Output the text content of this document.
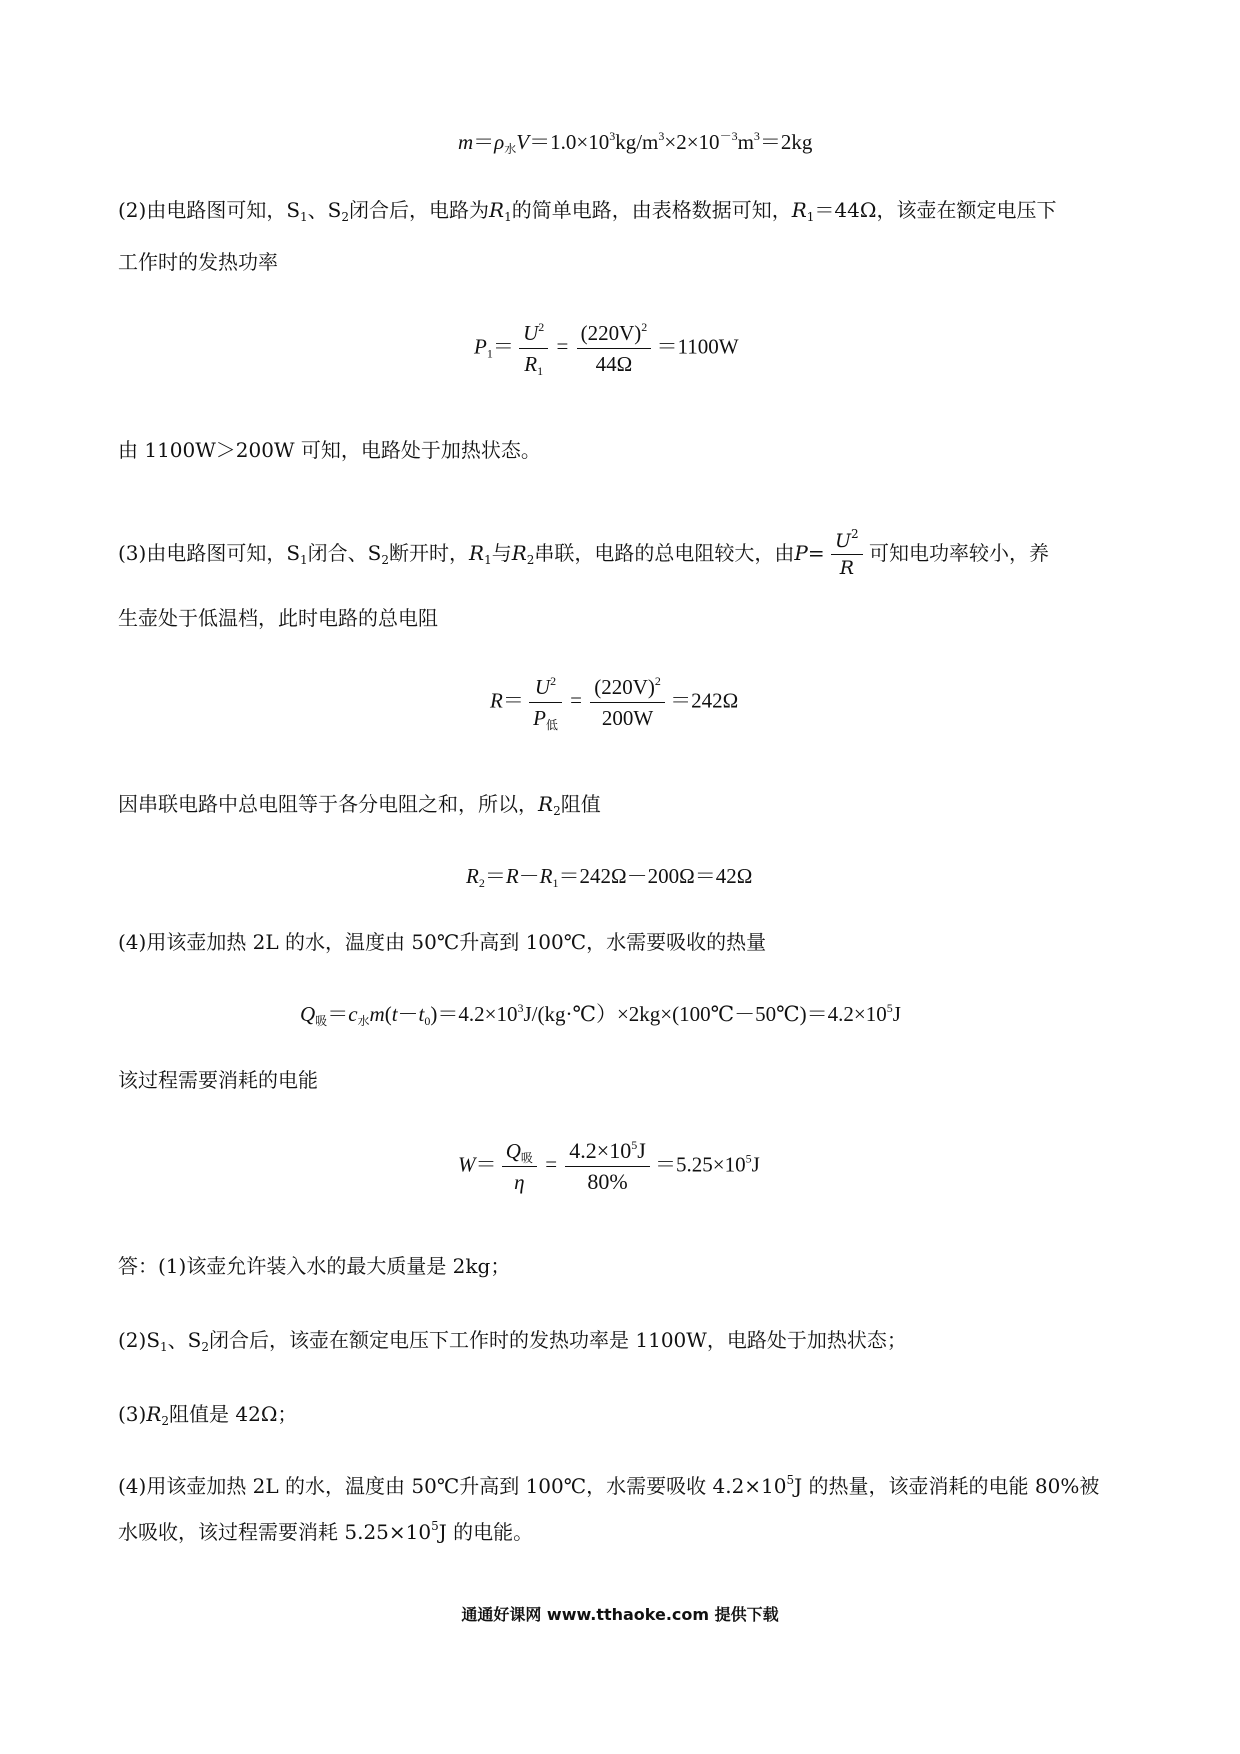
$m=\rho_水V=1.0\times 10^3kg/m^3\times 2\times 10^{-3}m^3=2kg$
(2)由电路图可知，$S_1$、$S_2$闭合后，电路为$R_1$的简单电路，由表格数据可知，$R_1=44\Omega$，该壶在额定电压下
工作时的发热功率
$P_1= \frac{U^2}{R_1} = \frac{(220V)^2}{44\Omega} =1100W$
由 1100W＞200W 可知，电路处于加热状态。
(3)由电路图可知，$S_1$闭合、$S_2$断开时，$R_1$与$R_2$串联，电路的总电阻较大，由$P= \frac{U^2}{R}$ 可知电功率较小，养
生壶处于低温档，此时电路的总电阻
$R= \frac{U^2}{P_低} = \frac{(220V)^2}{200W} =242\Omega$
因串联电路中总电阻等于各分电阻之和，所以，$R_2$阻值
$R_2=R-R_1=242\Omega-200\Omega=42\Omega$
(4)用该壶加热 2L 的水，温度由 50℃升高到 100℃，水需要吸收的热量
$Q_吸=c_水m(t-t_0)=4.2\times 10^3J/(kg\cdot℃)\times 2kg\times(100℃-50℃)=4.2\times 10^5J$
该过程需要消耗的电能
$W= \frac{Q_吸}{\eta} = \frac{4.2\times 10^5J}{80\%} =5.25\times 10^5J$
答：(1)该壶允许装入水的最大质量是 2kg；
$(2)S_1$、$S_2$闭合后，该壶在额定电压下工作时的发热功率是 1100W，电路处于加热状态；
$(3)R_2$阻值是 42Ω；
(4)用该壶加热 2L 的水，温度由 50℃升高到 100℃，水需要吸收 $4.2\times 10^5J$ 的热量，该壶消耗的电能 80%被
水吸收，该过程需要消耗 $5.25\times 10^5J$ 的电能。
通通好课网 www.tthaoke.com 提供下载
